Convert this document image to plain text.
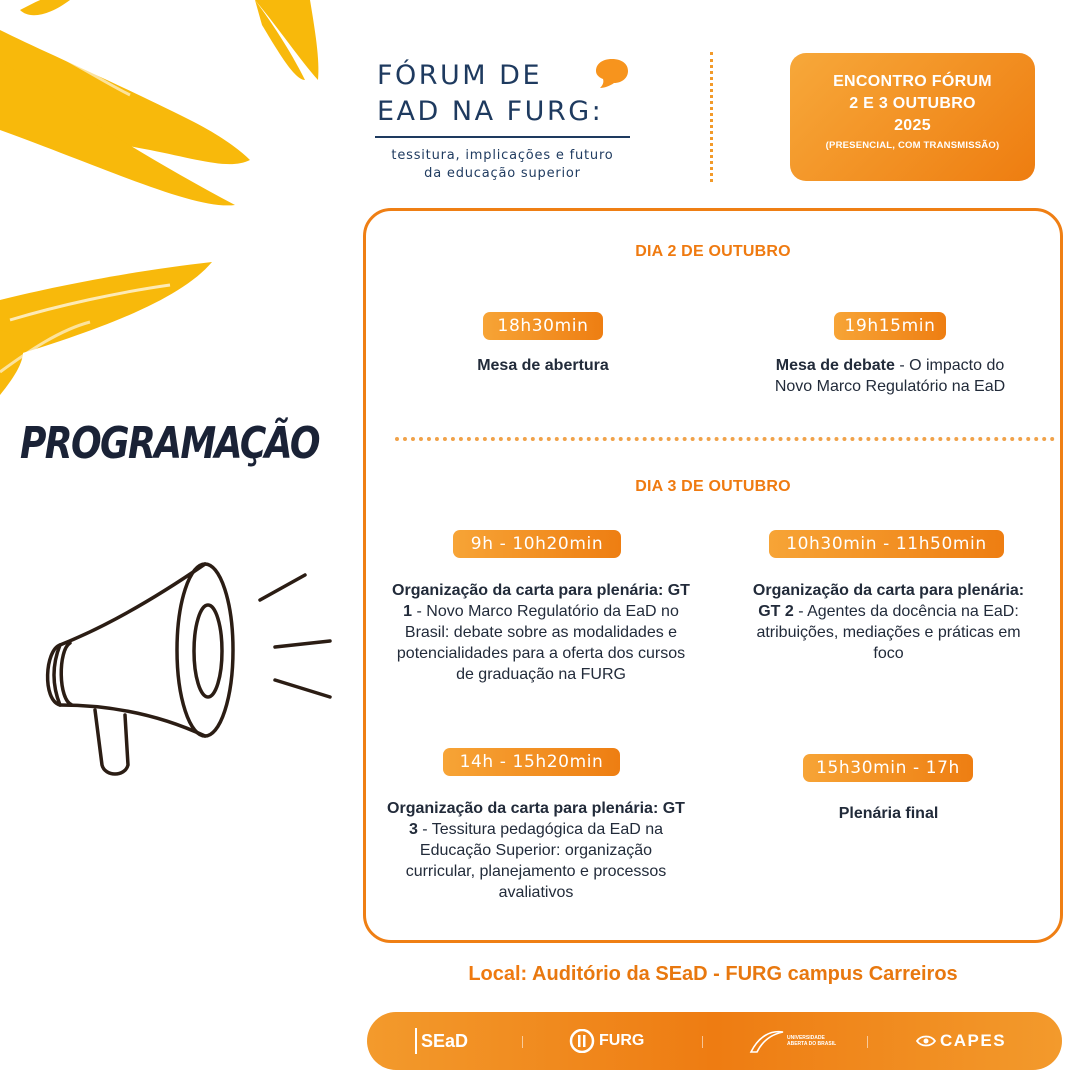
FÓRUM DE
EAD NA FURG:
tessitura, implicações e futuro
da educação superior
ENCONTRO FÓRUM
2 E 3 OUTUBRO
2025
(PRESENCIAL, COM TRANSMISSÃO)
PROGRAMAÇÃO
DIA 2 DE OUTUBRO
18h30min
Mesa de abertura
19h15min
Mesa de debate - O impacto do Novo Marco Regulatório na EaD
DIA 3 DE OUTUBRO
9h - 10h20min
Organização da carta para plenária: GT 1 - Novo Marco Regulatório da EaD no Brasil: debate sobre as modalidades e potencialidades para a oferta dos cursos de graduação na FURG
10h30min - 11h50min
Organização da carta para plenária: GT 2 - Agentes da docência na EaD: atribuições, mediações e práticas em foco
14h - 15h20min
Organização da carta para plenária: GT 3 - Tessitura pedagógica da EaD na Educação Superior: organização curricular, planejamento e processos avaliativos
15h30min - 17h
Plenária final
Local: Auditório da SEaD - FURG campus Carreiros
SEaD	FURG	UNIVERSIDADE ABERTA DO BRASIL	CAPES
